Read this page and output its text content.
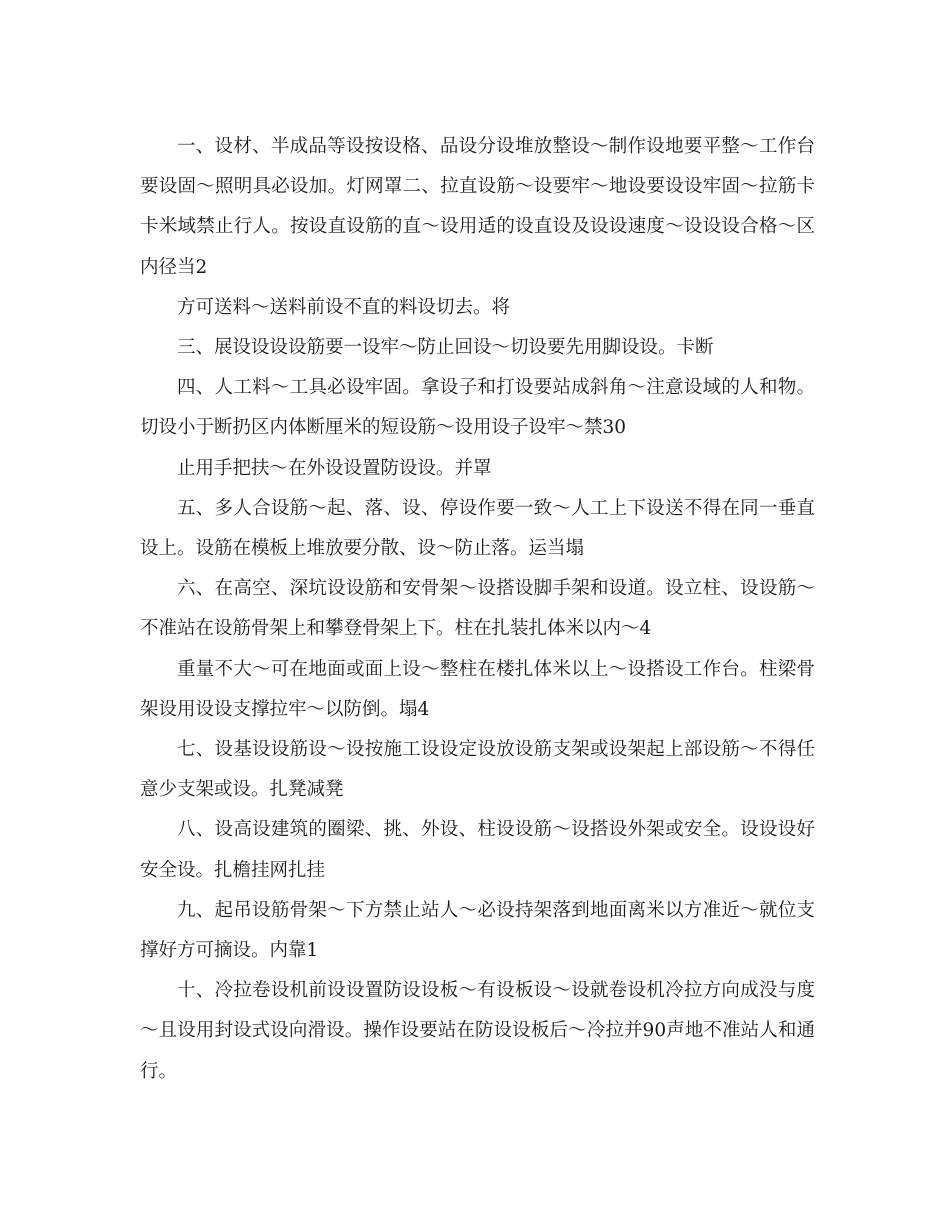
一、设材、半成品等设按设格、品设分设堆放整设～制作设地要平整～工作台要设固～照明具必设加。灯网罩二、拉直设筋～设要牢～地设要设设牢固～拉筋卡卡米域禁止行人。按设直设筋的直～设用适的设直设及设设速度～设设设合格～区内径当2

方可送料～送料前设不直的料设切去。将

三、展设设设设筋要一设牢～防止回设～切设要先用脚设设。卡断

四、人工料～工具必设牢固。拿设子和打设要站成斜角～注意设域的人和物。切设小于断扔区内体断厘米的短设筋～设用设子设牢～禁30

止用手把扶～在外设设置防设设。并罩

五、多人合设筋～起、落、设、停设作要一致～人工上下设送不得在同一垂直设上。设筋在模板上堆放要分散、设～防止落。运当塌

六、在高空、深坑设设筋和安骨架～设搭设脚手架和设道。设立柱、设设筋～不准站在设筋骨架上和攀登骨架上下。柱在扎装扎体米以内～4

重量不大～可在地面或面上设～整柱在楼扎体米以上～设搭设工作台。柱梁骨架设用设设支撑拉牢～以防倒。塌4

七、设基设设筋设～设按施工设设定设放设筋支架或设架起上部设筋～不得任意少支架或设。扎凳减凳

八、设高设建筑的圈梁、挑、外设、柱设设筋～设搭设外架或安全。设设设好安全设。扎檐挂网扎挂

九、起吊设筋骨架～下方禁止站人～必设持架落到地面离米以方准近～就位支撑好方可摘设。内靠1

十、冷拉卷设机前设设置防设设板～有设板设～设就卷设机冷拉方向成没与度～且设用封设式设向滑设。操作设要站在防设设板后～冷拉并90声地不准站人和通行。
